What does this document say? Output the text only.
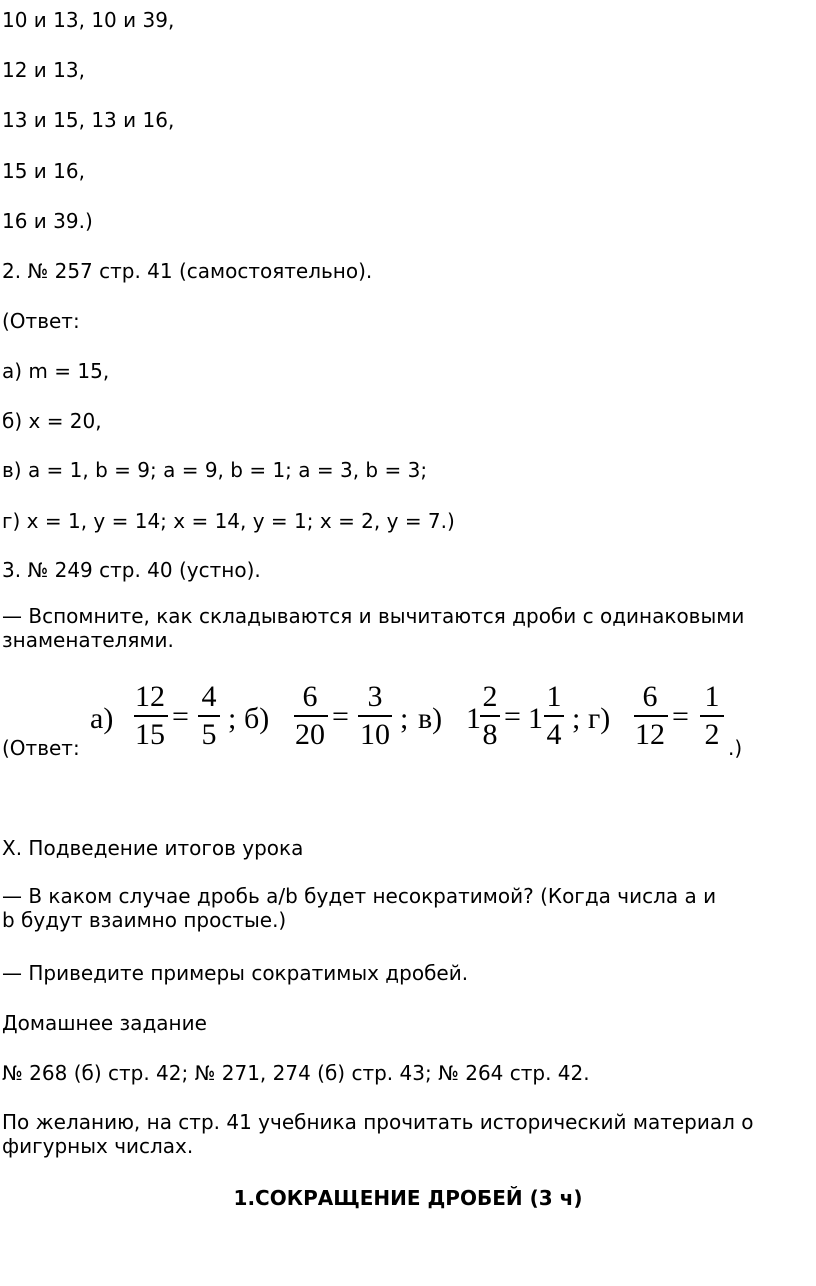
10 и 13, 10 и 39,
12 и 13,
13 и 15, 13 и 16,
15 и 16,
16 и 39.)
2. № 257 стр. 41 (самостоятельно).
(Ответ:
а) m = 15,
б) x = 20,
в) a = 1, b = 9; a = 9, b = 1; a = 3, b = 3;
г) x = 1, y = 14; x = 14, y = 1; x = 2, y = 7.)
3. № 249 стр. 40 (устно).
— Вспомните, как складываются и вычитаются дроби с одинаковыми знаменателями.
(Ответ:
а)
12
15
=
4
5 ; б)
6
20
=
3
10 ; в) 1
2
8
= 1
1
4 ; г)
6
12
=
1
2 .)
X. Подведение итогов урока
— В каком случае дробь a/b будет несократимой? (Когда числа a и b будут взаимно простые.)
— Приведите примеры сократимых дробей.
Домашнее задание
№ 268 (б) стр. 42; № 271, 274 (б) стр. 43; № 264 стр. 42.
По желанию, на стр. 41 учебника прочитать исторический материал о фигурных числах.
1.СОКРАЩЕНИЕ ДРОБЕЙ (3 ч)
